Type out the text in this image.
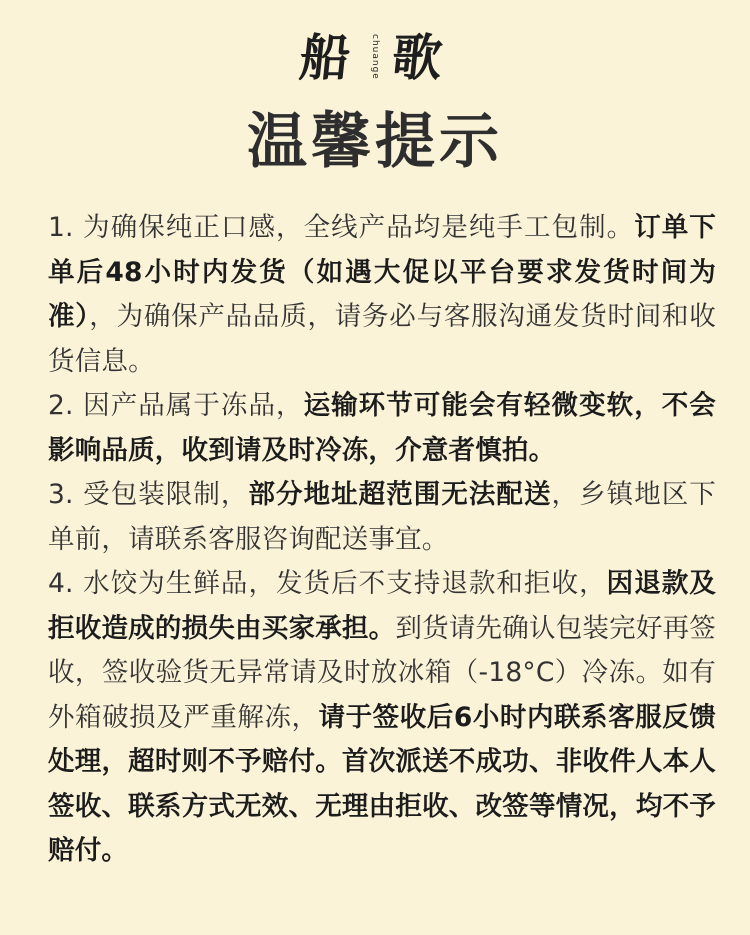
船	chuange 歌
温馨提示

1. 为确保纯正口感，全线产品均是纯手工包制。订单下单后48小时内发货（如遇大促以平台要求发货时间为准），为确保产品品质，请务必与客服沟通发货时间和收货信息。

2. 因产品属于冻品，运输环节可能会有轻微变软，不会影响品质，收到请及时冷冻，介意者慎拍。

3. 受包装限制，部分地址超范围无法配送，乡镇地区下单前，请联系客服咨询配送事宜。

4. 水饺为生鲜品，发货后不支持退款和拒收，因退款及拒收造成的损失由买家承担。到货请先确认包装完好再签收，签收验货无异常请及时放冰箱（-18°C）冷冻。如有外箱破损及严重解冻，请于签收后6小时内联系客服反馈处理，超时则不予赔付。首次派送不成功、非收件人本人签收、联系方式无效、无理由拒收、改签等情况，均不予赔付。
